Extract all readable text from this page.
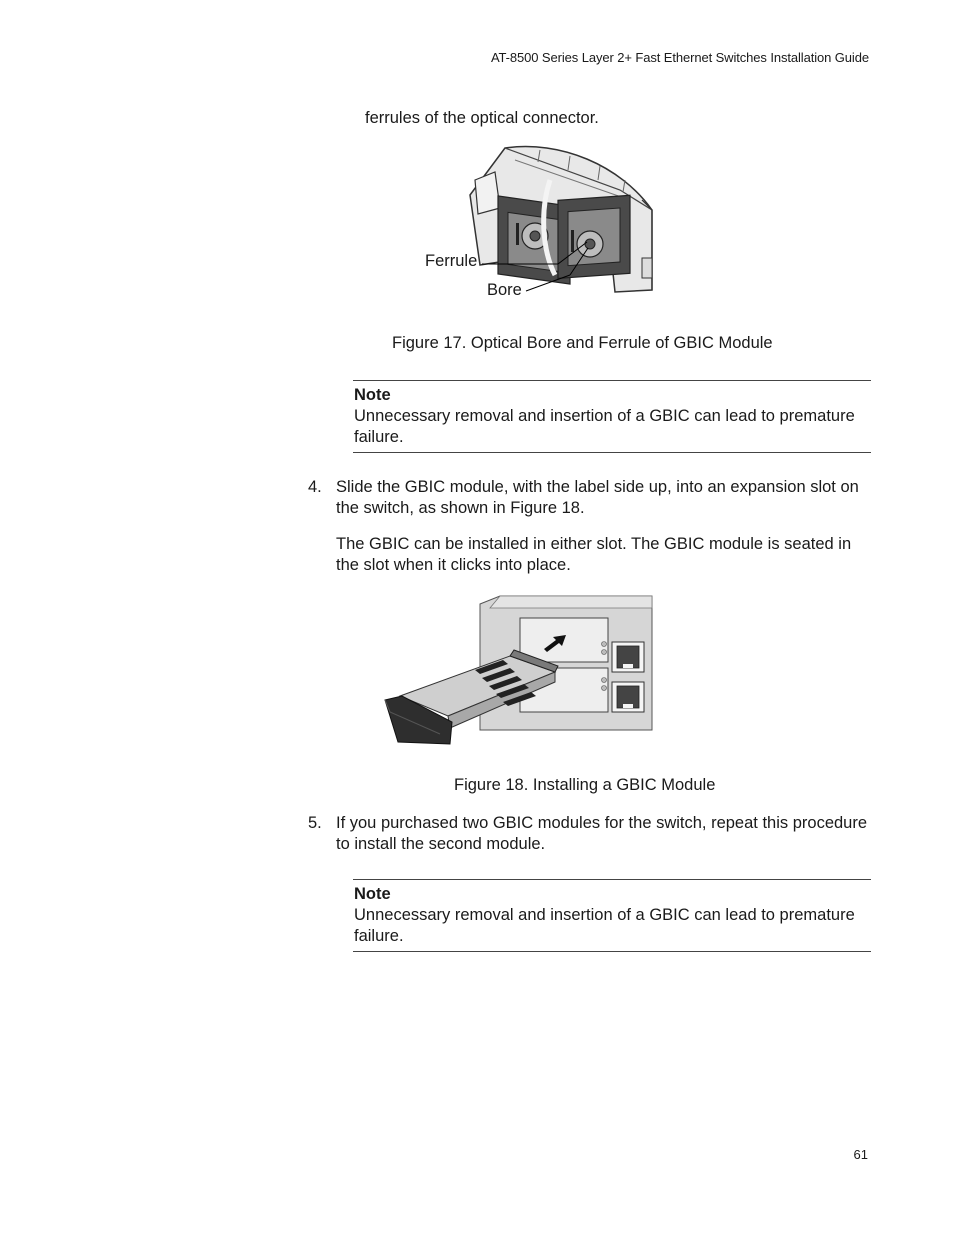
AT-8500 Series Layer 2+ Fast Ethernet Switches Installation Guide
ferrules of the optical connector.
Ferrule
Bore
Figure 17. Optical Bore and Ferrule of GBIC Module
Note
Unnecessary removal and insertion of a GBIC can lead to premature failure.
4. Slide the GBIC module, with the label side up, into an expansion slot on the switch, as shown in Figure 18.
The GBIC can be installed in either slot. The GBIC module is seated in the slot when it clicks into place.
Figure 18. Installing a GBIC Module
5. If you purchased two GBIC modules for the switch, repeat this procedure to install the second module.
Note
Unnecessary removal and insertion of a GBIC can lead to premature failure.
61
